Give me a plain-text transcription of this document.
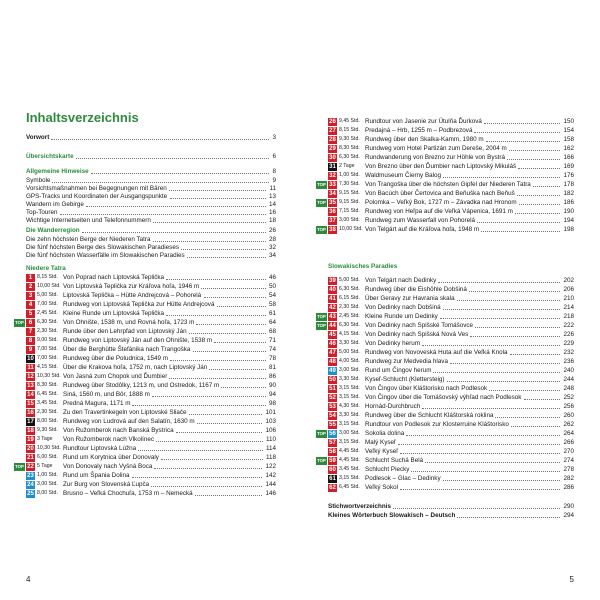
Inhaltsverzeichnis
Vorwort	3
Übersichtskarte	6
Allgemeine Hinweise	8
Symbole	9
Vorsichtsmaßnahmen bei Begegnungen mit Bären	11
GPS-Tracks und Koordinaten der Ausgangspunkte	13
Wandern im Gebirge	14
Top-Touren	16
Wichtige Internetseiten und Telefonnummern	18
Die Wanderregion	26
Die zehn höchsten Berge der Niederen Tatra	28
Die fünf höchsten Berge des Slowakischen Paradieses	32
Die fünf höchsten Wasserfälle im Slowakischen Paradies	34
Niedere Tatra
1 8,15 Std. Von Poprad nach Liptovská Teplička	46
2 10,00 Std. Von Liptovská Teplička zur Kráľova hoľa, 1946 m	50
3 5,00 Std. Liptovská Teplička – Hütte Andrejcová – Pohorelá	54
4 7,00 Std. Rundweg von Liptovská Teplička zur Hütte Andrejcová	58
5 2,45 Std. Kleine Runde um Liptovská Teplička	61
TOP 6 6,30 Std. Von Ohnište, 1538 m, und Rovná hoľa, 1723 m	64
7 2,30 Std. Runde über den Lehrpfad von Liptovský Ján	68
8 9,00 Std. Rundweg von Liptovský Ján auf den Ohnište, 1538 m	71
9 7,00 Std. Über die Berghütte Štefánika nach Trangoška	74
10 7,00 Std. Rundweg über die Poludnica, 1549 m	78
11 4,15 Std. Über die Krakova hoľa, 1752 m, nach Liptovský Ján	81
12 10,30 Std. Von Jasná zum Chopok und Ďumbier	86
13 8,30 Std. Rundweg über Stodôlky, 1213 m, und Ostredok, 1167 m	90
14 6,45 Std. Siná, 1560 m, und Bôr, 1888 m	94
15 3,45 Std. Predná Magura, 1171 m	98
16 2,30 Std. Zu den Travertinkegeln von Liptovské Sliače	101
17 8,00 Std. Rundweg von Ludrová auf den Salatín, 1630 m	103
18 9,30 Std. Von Ružomberok nach Banská Bystrica	106
19 3 Tage Von Ružomberok nach Vlkolínec	110
20 10,30 Std. Rundtour Liptovská Lúžna	114
21 6,00 Std. Rund um Korytnica über Donovaly	118
TOP 22 5 Tage Von Donovaly nach Vyšná Boca	122
23 1,00 Std. Rund um Špania Dolina	142
24 3,00 Std. Zur Burg von Slovenská Ľupča	144
25 8,00 Std. Brusno – Veľká Chochuľa, 1753 m – Nemecká	146
4
26 9,45 Std. Rundtour von Jasenie zur Ütulňa Ďurková	150
27 8,15 Std. Predajná – Hrb, 1255 m – Podbrezová	154
28 9,30 Std. Rundweg über den Skalka-Kamm, 1980 m	158
29 8,30 Std. Rundweg vom Hotel Partizán zum Dereše, 2004 m	162
30 6,30 Std. Rundwanderung von Brezno zur Höhle von Bystrá	166
31 2 Tage Von Brezno über den Ďumbier nach Liptovský Mikuláš	169
32 1,00 Std. Waldmuseum Čierny Balog	176
TOP 33 7,30 Std. Von Trangoška über die höchsten Gipfel der Niederen Tatra	178
34 9,15 Std. Von Bacúch über Čertovica and Beňuška nach Beňuš	182
TOP 35 9,15 Std. Polomka – Veľký Bok, 1727 m – Závadka nad Hronom	186
36 7,15 Std. Rundweg von Heľpa auf die Veľká Vápenica, 1691 m	190
37 3,00 Std. Rundweg zum Wasserfall von Pohorelá	194
TOP 38 10,00 Std. Von Telgárt auf die Kráľova hoľa, 1948 m	198
Slowakisches Paradies
39 5,00 Std. Von Telgárt nach Dedinky	202
40 6,30 Std. Rundweg über die Eishöhle Dobšiná	206
41 6,15 Std. Über Geravy zur Havrania skala	210
42 2,30 Std. Von Dedinky nach Dobšiná	214
TOP 43 2,45 Std. Kleine Runde um Dedinky	218
TOP 44 6,30 Std. Von Dedinky nach Spišské Tomášovce	222
45 4,15 Std. Von Dedinky nach Spišská Nová Ves	226
46 3,30 Std. Von Dedinky herum	229
47 5,00 Std. Rundweg von Novoveská Huta auf die Veľká Knola	232
48 4,00 Std. Rundweg zur Medvedia hlava	236
49 3,00 Std. Rund um Čingov herum	240
50 3,30 Std. Kyseľ-Schlucht (Klettersteig)	244
51 3,15 Std. Von Čingov über Kláštorisko nach Podlesok	248
52 3,15 Std. Von Čingov über die Tomášovský výhľad nach Podlesok	252
53 4,30 Std. Hornád-Durchbruch	256
54 3,30 Std. Rundweg über die Schlucht Kláštorská roklina	260
55 3,15 Std. Rundtour von Podlesok zur Klosterruine Kláštorisko	262
TOP 56 3,00 Std. Sokolia dolina	264
57 3,15 Std. Malý Kyseľ	266
58 4,45 Std. Veľký Kyseľ	270
TOP 59 4,45 Std. Schlucht Suchá Belá	274
60 3,45 Std. Schlucht Piecky	278
61 3,15 Std. Podlesok – Glac – Dedinky	282
62 6,45 Std. Veľký Sokol	286
Stichwortverzeichnis	290
Kleines Wörterbuch Slowakisch – Deutsch	294
5
